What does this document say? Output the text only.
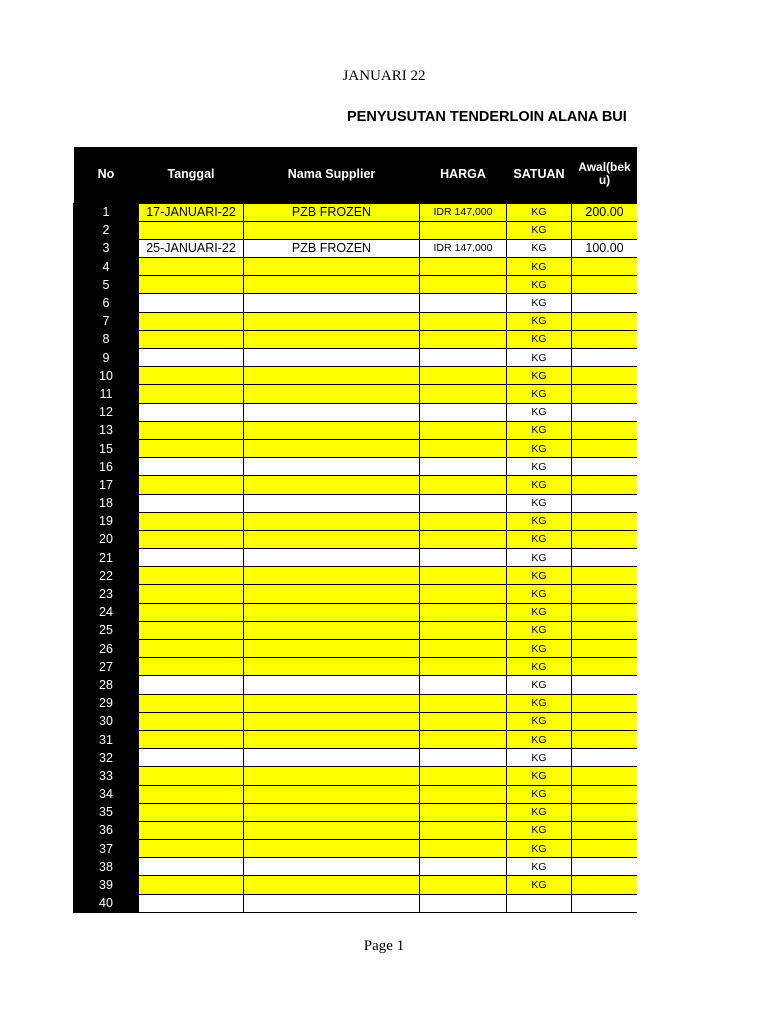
JANUARI 22
PENYUSUTAN TENDERLOIN ALANA BUI
No	Tanggal	Nama Supplier	HARGA	SATUAN	Awal(bek u)
1	17-JANUARI-22	PZB FROZEN	IDR 147,000	KG	200.00
2				KG	
3	25-JANUARI-22	PZB FROZEN	IDR 147,000	KG	100.00
4				KG	
5				KG	
6				KG	
7				KG	
8				KG	
9				KG	
10				KG	
11				KG	
12				KG	
13				KG	
15				KG	
16				KG	
17				KG	
18				KG	
19				KG	
20				KG	
21				KG	
22				KG	
23				KG	
24				KG	
25				KG	
26				KG	
27				KG	
28				KG	
29				KG	
30				KG	
31				KG	
32				KG	
33				KG	
34				KG	
35				KG	
36				KG	
37				KG	
38				KG	
39				KG	
40					
Page 1
